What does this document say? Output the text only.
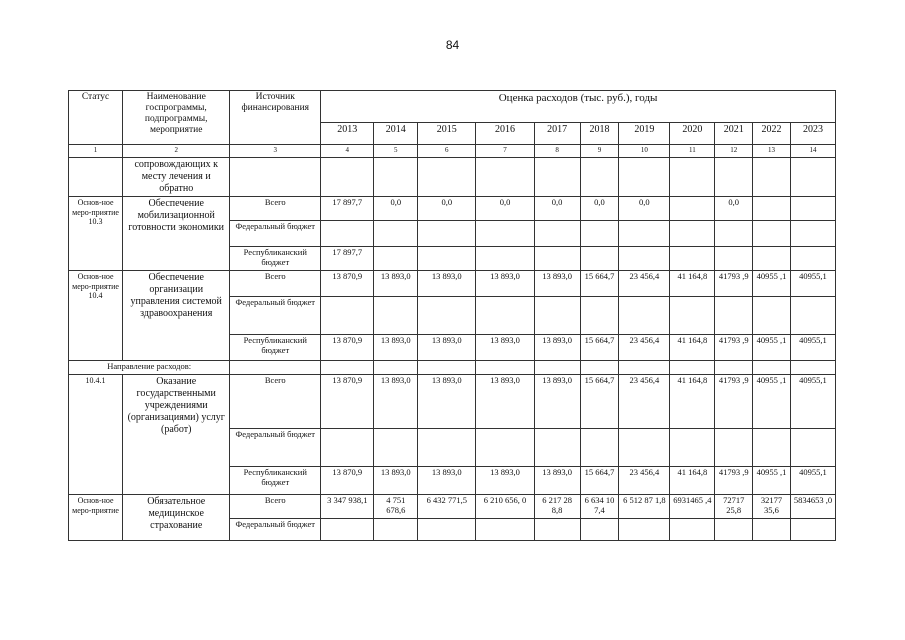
84
Статус	Наименование госпрограммы, подпрограммы, мероприятие	Источник финансирования	Оценка расходов (тыс. руб.), годы										
			2013	2014	2015	2016	2017	2018	2019	2020	2021	2022	2023
1	2	3	4	5	6	7	8	9	10	11	12	13	14
	сопровождающих к месту лечения и обратно												
Основ-ное меро-приятие 10.3	Обеспечение мобилизационной готовности экономики	Всего	17 897,7	0,0	0,0	0,0	0,0	0,0	0,0		0,0		
		Федеральный бюджет											
		Республиканский бюджет	17 897,7										
Основ-ное меро-приятие 10.4	Обеспечение организации управления системой здравоохранения	Всего	13 870,9	13 893,0	13 893,0	13 893,0	13 893,0	15 664,7	23 456,4	41 164,8	41793 ,9	40955 ,1	40955,1
		Федеральный бюджет											
		Республиканский бюджет	13 870,9	13 893,0	13 893,0	13 893,0	13 893,0	15 664,7	23 456,4	41 164,8	41793 ,9	40955 ,1	40955,1
Направление расходов:													
10.4.1	Оказание государственными учреждениями (организациями) услуг (работ)	Всего	13 870,9	13 893,0	13 893,0	13 893,0	13 893,0	15 664,7	23 456,4	41 164,8	41793 ,9	40955 ,1	40955,1
		Федеральный бюджет											
		Республиканский бюджет	13 870,9	13 893,0	13 893,0	13 893,0	13 893,0	15 664,7	23 456,4	41 164,8	41793 ,9	40955 ,1	40955,1
Основ-ное меро-приятие	Обязательное медицинское страхование	Всего	3 347 938,1	4 751 678,6	6 432 771,5	6 210 656, 0	6 217 28 8,8	6 634 10 7,4	6 512 87 1,8	6931465 ,4	72717 25,8	32177 35,6	5834653 ,0
		Федеральный бюджет											
